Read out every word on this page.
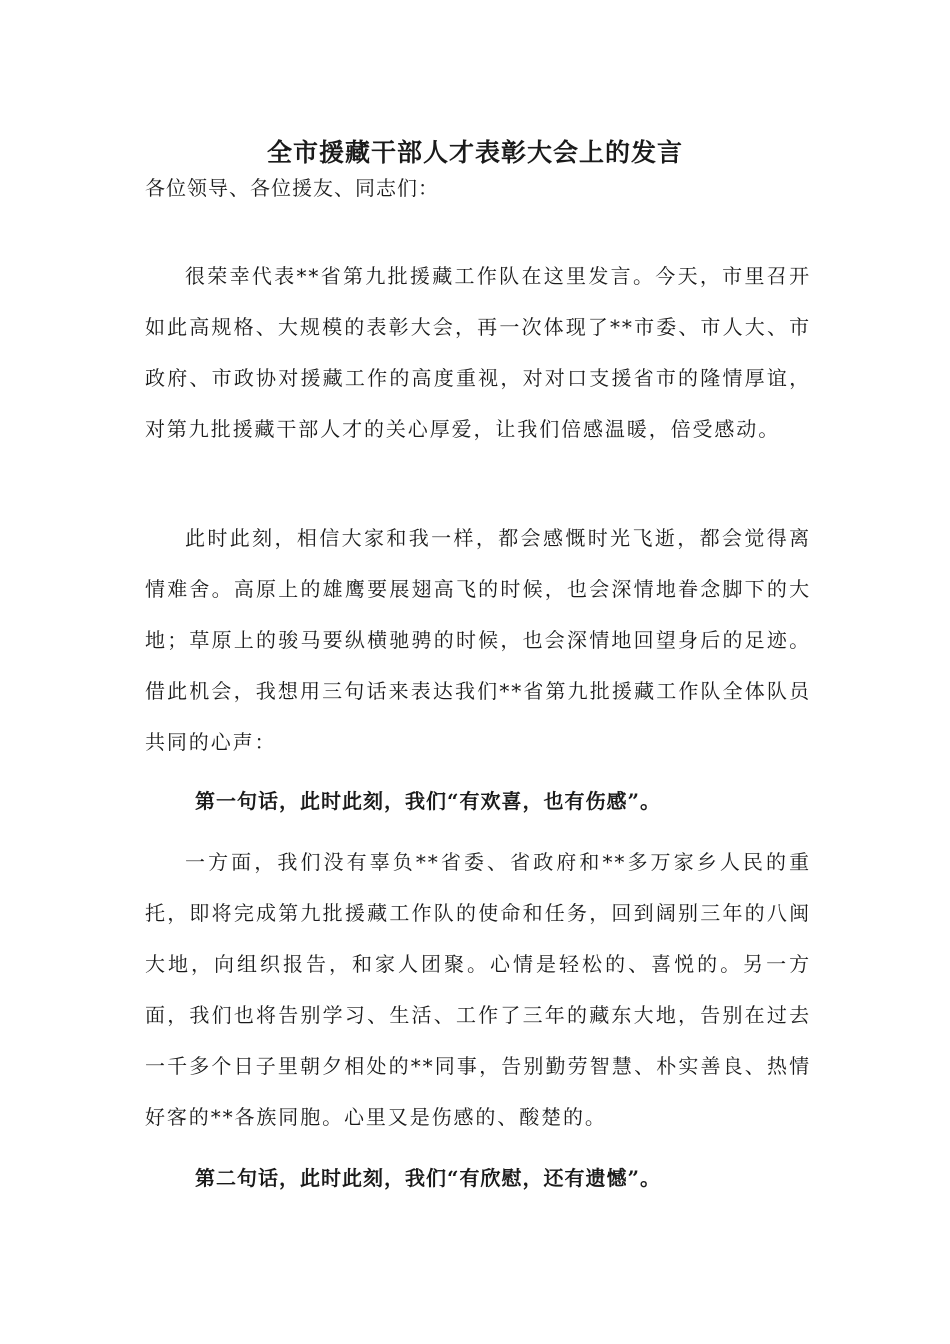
全市援藏干部人才表彰大会上的发言
各位领导、各位援友、同志们：
很荣幸代表**省第九批援藏工作队在这里发言。今天，市里召开如此高规格、大规模的表彰大会，再一次体现了**市委、市人大、市政府、市政协对援藏工作的高度重视，对对口支援省市的隆情厚谊，对第九批援藏干部人才的关心厚爱，让我们倍感温暖，倍受感动。
此时此刻，相信大家和我一样，都会感慨时光飞逝，都会觉得离情难舍。高原上的雄鹰要展翅高飞的时候，也会深情地眷念脚下的大地；草原上的骏马要纵横驰骋的时候，也会深情地回望身后的足迹。借此机会，我想用三句话来表达我们**省第九批援藏工作队全体队员共同的心声：
第一句话，此时此刻，我们“有欢喜，也有伤感”。
一方面，我们没有辜负**省委、省政府和**多万家乡人民的重托，即将完成第九批援藏工作队的使命和任务，回到阔别三年的八闽大地，向组织报告，和家人团聚。心情是轻松的、喜悦的。另一方面，我们也将告别学习、生活、工作了三年的藏东大地，告别在过去一千多个日子里朝夕相处的**同事，告别勤劳智慧、朴实善良、热情好客的**各族同胞。心里又是伤感的、酸楚的。
第二句话，此时此刻，我们“有欣慰，还有遗憾”。
